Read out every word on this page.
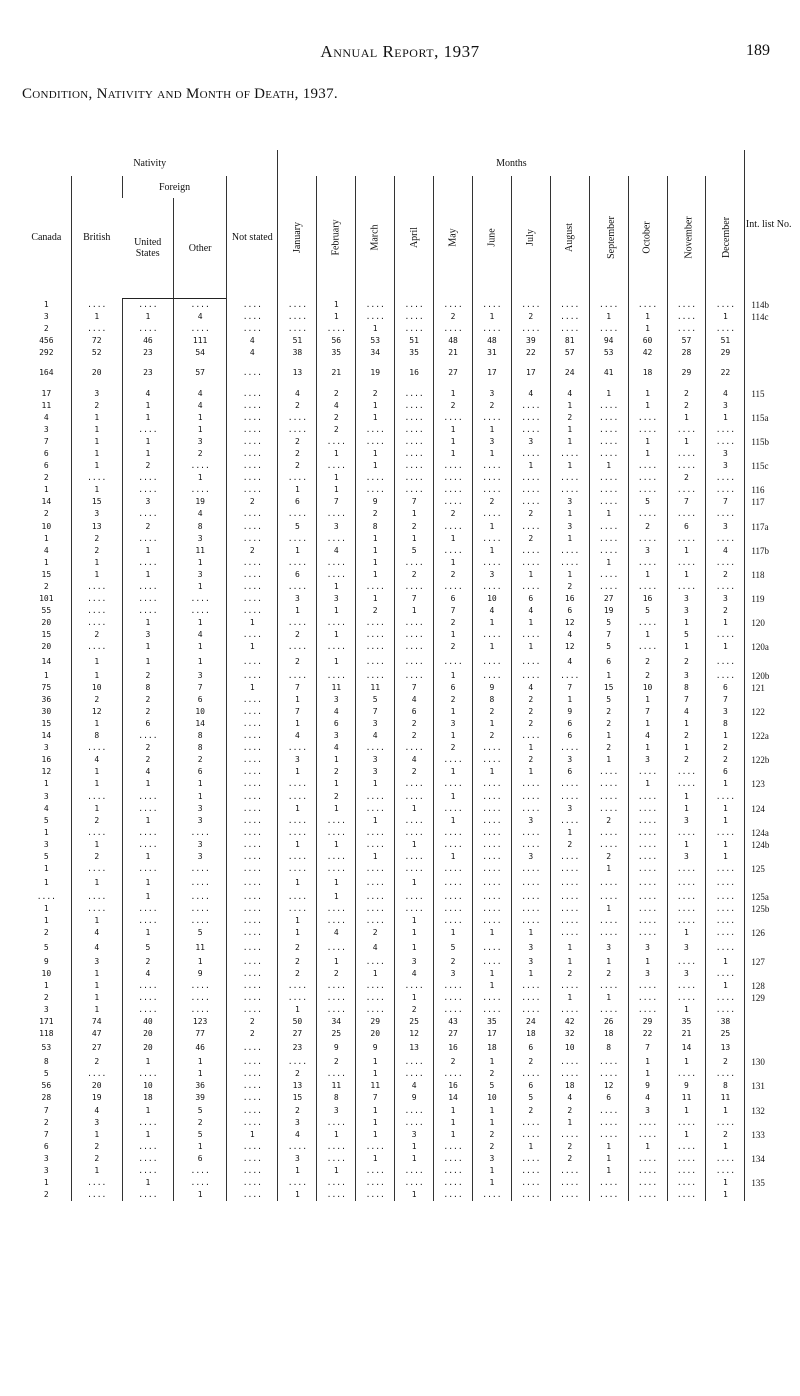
Annual Report, 1937	189
Condition, Nativity and Month of Death, 1937.
Nativity					Months												Int. list No.
Canada	British	Foreign		Not stated	January	February	March	April	May	June	July	August	September	October	November	December	
		United States	Other														
1	....	....	....	....	....	1	....	....	....	....	....	....	....	....	....	....	114b
3	1	1	4	....	....	1	....	....	2	1	2	....	1	1	....	1	114c
2	....	....	....	....	....	....	1	....	....	....	....	....	....	1	....	....	
456	72	46	111	4	51	56	53	51	48	48	39	81	94	60	57	51	
292	52	23	54	4	38	35	34	35	21	31	22	57	53	42	28	29	
164	20	23	57	....	13	21	19	16	27	17	17	24	41	18	29	22	
17	3	4	4	....	4	2	2	....	1	3	4	4	1	1	2	4	115
11	2	1	4	....	2	4	1	....	2	2	....	1	....	1	2	3	
4	1	1	1	....	....	2	1	....	....	....	....	2	....	....	1	1	115a
3	1	....	1	....	....	2	....	....	1	1	....	1	....	....	....	....	
7	1	1	3	....	2	....	....	....	1	3	3	1	....	1	1	....	115b
6	1	1	2	....	2	1	1	....	1	1	....	....	....	1	....	3	
6	1	2	....	....	2	....	1	....	....	....	1	1	1	....	....	3	115c
2	....	....	1	....	....	1	....	....	....	....	....	....	....	....	2	....	
1	1	....	....	....	1	1	....	....	....	....	....	....	....	....	....	....	116
14	15	3	19	2	6	7	9	7	....	2	....	3	....	5	7	7	117
2	3	....	4	....	....	....	2	1	2	....	2	1	1	....	....	....	
10	13	2	8	....	5	3	8	2	....	1	....	3	....	2	6	3	117a
1	2	....	3	....	....	....	1	1	1	....	2	1	....	....	....	....	
4	2	1	11	2	1	4	1	5	....	1	....	....	....	3	1	4	117b
1	1	....	1	....	....	....	1	....	1	....	....	....	1	....	....	....	
15	1	1	3	....	6	....	1	2	2	3	1	1	....	1	1	2	118
2	....	....	1	....	....	1	....	....	....	....	....	2	....	....	....	....	
101	....	....	....	....	3	3	1	7	6	10	6	16	27	16	3	3	119
55	....	....	....	....	1	1	2	1	7	4	4	6	19	5	3	2	
20	....	1	1	1	....	....	....	....	2	1	1	12	5	....	1	1	120
15	2	3	4	....	2	1	....	....	1	....	....	4	7	1	5	....	
20	....	1	1	1	....	....	....	....	2	1	1	12	5	....	1	1	120a
14	1	1	1	....	2	1	....	....	....	....	....	4	6	2	2	....	
1	1	2	3	....	....	....	....	....	1	....	....	....	1	2	3	....	120b
75	10	8	7	1	7	11	11	7	6	9	4	7	15	10	8	6	121
36	2	2	6	....	1	3	5	4	2	8	2	1	5	1	7	7	
30	12	2	10	....	7	4	7	6	1	2	2	9	2	7	4	3	122
15	1	6	14	....	1	6	3	2	3	1	2	6	2	1	1	8	
14	8	....	8	....	4	3	4	2	1	2	....	6	1	4	2	1	122a
3	....	2	8	....	....	4	....	....	2	....	1	....	2	1	1	2	
16	4	2	2	....	3	1	3	4	....	....	2	3	1	3	2	2	122b
12	1	4	6	....	1	2	3	2	1	1	1	6	....	....	....	6	
1	1	1	1	....	....	1	1	....	....	....	....	....	....	1	....	1	123
3	....	....	1	....	....	2	....	....	1	....	....	....	....	....	1	....	
4	1	....	3	....	1	1	....	1	....	....	....	3	....	....	1	1	124
5	2	1	3	....	....	....	1	....	1	....	3	....	2	....	3	1	
1	....	....	....	....	....	....	....	....	....	....	....	1	....	....	....	....	124a
3	1	....	3	....	1	1	....	1	....	....	....	2	....	....	1	1	124b
5	2	1	3	....	....	....	1	....	1	....	3	....	2	....	3	1	
1	....	....	....	....	....	....	....	....	....	....	....	....	1	....	....	....	125
1	1	1	....	....	1	1	....	1	....	....	....	....	....	....	....	....	
....	....	1	....	....	....	1	....	....	....	....	....	....	....	....	....	....	125a
1	....	....	....	....	....	....	....	....	....	....	....	....	1	....	....	....	125b
1	1	....	....	....	1	....	....	1	....	....	....	....	....	....	....	....	
2	4	1	5	....	1	4	2	1	1	1	1	....	....	....	1	....	126
5	4	5	11	....	2	....	4	1	5	....	3	1	3	3	3	....	
9	3	2	1	....	2	1	....	3	2	....	3	1	1	1	....	1	127
10	1	4	9	....	2	2	1	4	3	1	1	2	2	3	3	....	
1	1	....	....	....	....	....	....	....	....	1	....	....	....	....	....	1	128
2	1	....	....	....	....	....	....	1	....	....	....	1	1	....	....	....	129
3	1	....	....	....	1	....	....	2	....	....	....	....	....	....	1	....	
171	74	40	123	2	50	34	29	25	43	35	24	42	26	29	35	38	
118	47	20	77	2	27	25	20	12	27	17	18	32	18	22	21	25	
53	27	20	46	....	23	9	9	13	16	18	6	10	8	7	14	13	
8	2	1	1	....	....	2	1	....	2	1	2	....	....	1	1	2	130
5	....	....	1	....	2	....	1	....	....	2	....	....	....	1	....	....	
56	20	10	36	....	13	11	11	4	16	5	6	18	12	9	9	8	131
28	19	18	39	....	15	8	7	9	14	10	5	4	6	4	11	11	
7	4	1	5	....	2	3	1	....	1	1	2	2	....	3	1	1	132
2	3	....	2	....	3	....	1	....	1	1	....	1	....	....	....	....	
7	1	1	5	1	4	1	1	3	1	2	....	....	....	....	1	2	133
6	2	....	1	....	....	....	....	1	....	2	1	2	1	1	....	1	
3	2	....	6	....	3	....	1	1	....	3	....	2	1	....	....	....	134
3	1	....	....	....	1	1	....	....	....	1	....	....	1	....	....	....	
1	....	1	....	....	....	....	....	....	....	1	....	....	....	....	....	1	135
2	....	....	1	....	1	....	....	1	....	....	....	....	....	....	....	1	
